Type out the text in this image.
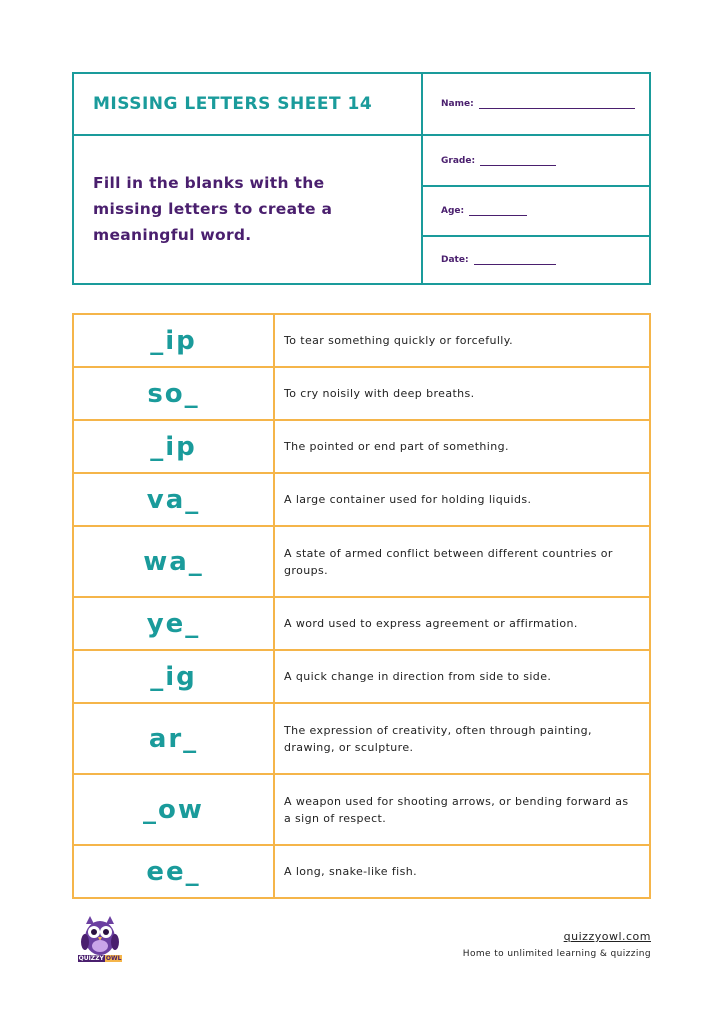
MISSING LETTERS SHEET 14
Fill in the blanks with the missing letters to create a meaningful word.
Name:
Grade:
Age:
Date:
_ip	To tear something quickly or forcefully.
so_	To cry noisily with deep breaths.
_ip	The pointed or end part of something.
va_	A large container used for holding liquids.
wa_	A state of armed conflict between different countries or groups.
ye_	A word used to express agreement or affirmation.
_ig	A quick change in direction from side to side.
ar_	The expression of creativity, often through painting, drawing, or sculpture.
_ow	A weapon used for shooting arrows, or bending forward as a sign of respect.
ee_	A long, snake-like fish.
QUIZZY OWL
quizzyowl.com
Home to unlimited learning & quizzing
